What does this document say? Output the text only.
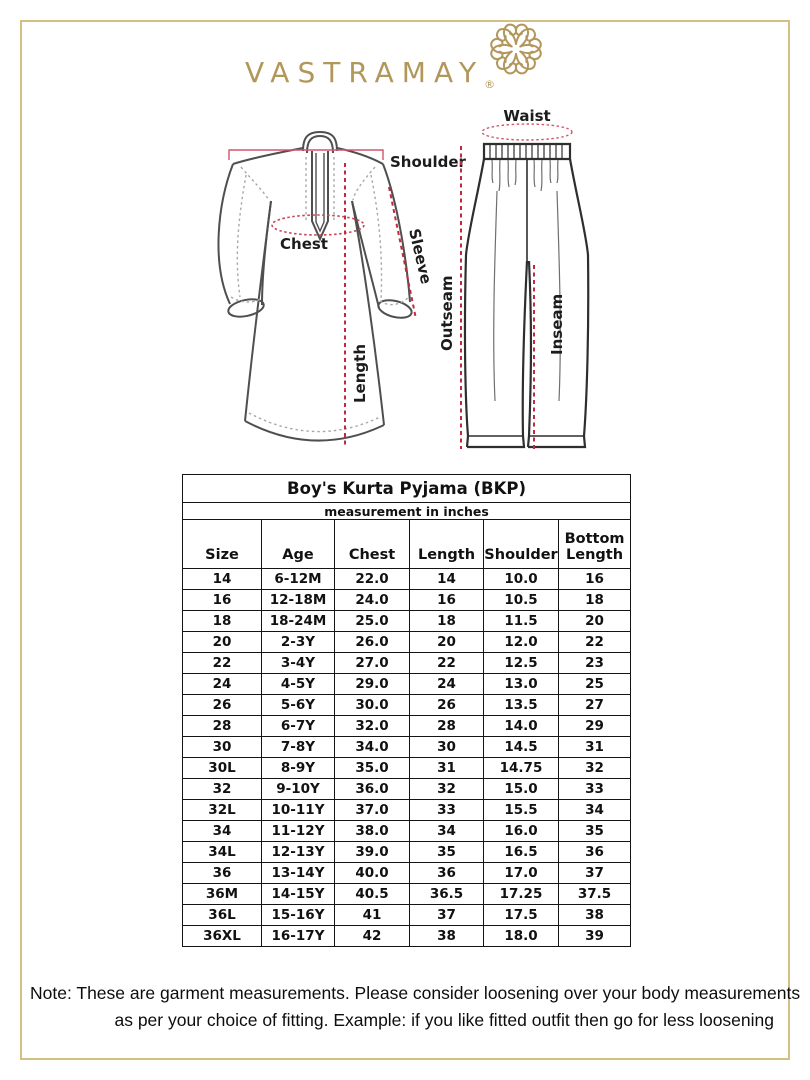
$VASTRAMAY_®$
Shoulder
Chest	Sleeve
Length
Waist
Outseam	Inseam
Boy's Kurta Pyjama (BKP)					
measurement in inches					
Size	Age	Chest	Length	Shoulder	Bottom Length
14	6-12M	22.0	14	10.0	16
16	12-18M	24.0	16	10.5	18
18	18-24M	25.0	18	11.5	20
20	2-3Y	26.0	20	12.0	22
22	3-4Y	27.0	22	12.5	23
24	4-5Y	29.0	24	13.0	25
26	5-6Y	30.0	26	13.5	27
28	6-7Y	32.0	28	14.0	29
30	7-8Y	34.0	30	14.5	31
30L	8-9Y	35.0	31	14.75	32
32	9-10Y	36.0	32	15.0	33
32L	10-11Y	37.0	33	15.5	34
34	11-12Y	38.0	34	16.0	35
34L	12-13Y	39.0	35	16.5	36
36	13-14Y	40.0	36	17.0	37
36M	14-15Y	40.5	36.5	17.25	37.5
36L	15-16Y	41	37	17.5	38
36XL	16-17Y	42	38	18.0	39
Note: These are garment measurements. Please consider loosening over your body measurements
as per your choice of fitting. Example: if you like fitted outfit then go for less loosening
